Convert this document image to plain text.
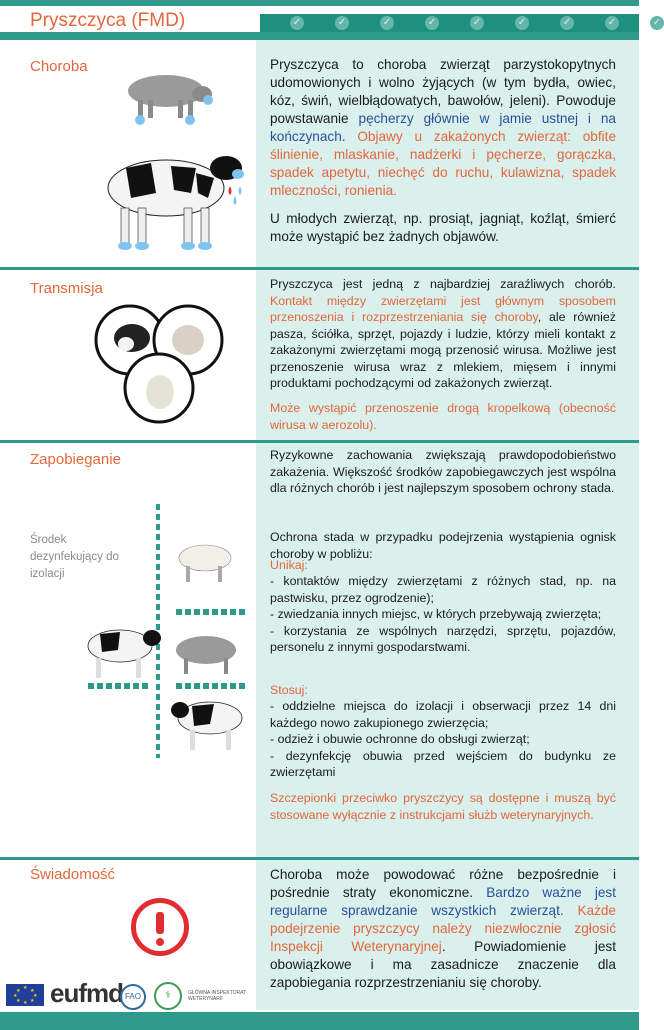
Pryszczyca (FMD)	✓	✓	✓	✓	✓	✓	✓	✓	✓
Choroba	Pryszczyca to choroba zwierząt parzystokopytnych udomowionych i wolno żyjących (w tym bydła, owiec, kóz, świń, wielbłądowatych, bawołów, jeleni). Powoduje powstawanie pęcherzy głównie w jamie ustnej i na kończynach. Objawy u zakażonych zwierząt: obfite ślinienie, mlaskanie, nadżerki i pęcherze, gorączka, spadek apetytu, niechęć do ruchu, kulawizna, spadek mleczności, ronienia.
U młodych zwierząt, np. prosiąt, jagniąt, koźląt, śmierć może wystąpić bez żadnych objawów.
Transmisja	Pryszczyca jest jedną z najbardziej zaraźliwych chorób. Kontakt między zwierzętami jest głównym sposobem przenoszenia i rozprzestrzeniania się choroby, ale również pasza, ściółka, sprzęt, pojazdy i ludzie, którzy mieli kontakt z zakażonymi zwierzętami mogą przenosić wirusa. Możliwe jest przenoszenie wirusa wraz z mlekiem, mięsem i innymi produktami pochodzącymi od zakażonych zwierząt.
Może wystąpić przenoszenie drogą kropelkową (obecność wirusa w aerozolu).
Zapobieganie
Środek dezynfekujący do izolacji
Ryzykowne zachowania zwiększają prawdopodobieństwo zakażenia. Większość środków zapobiegawczych jest wspólna dla różnych chorób i jest najlepszym sposobem ochrony stada.
Ochrona stada w przypadku podejrzenia wystąpienia ognisk choroby w pobliżu:
Unikaj:
- kontaktów między zwierzętami z różnych stad, np. na pastwisku, przez ogrodzenie);
- zwiedzania innych miejsc, w których przebywają zwierzęta;
- korzystania ze wspólnych narzędzi, sprzętu, pojazdów, personelu z innymi gospodarstwami.
Stosuj:
- oddzielne miejsca do izolacji i obserwacji przez 14 dni każdego nowo zakupionego zwierzęcia;
- odzież i obuwie ochronne do obsługi zwierząt;
- dezynfekcję obuwia przed wejściem do budynku ze zwierzętami
Szczepionki przeciwko pryszczycy są dostępne i muszą być stosowane wyłącznie z instrukcjami służb weterynaryjnych.
Świadomość	Choroba może powodować różne bezpośrednie i pośrednie straty ekonomiczne. Bardzo ważne jest regularne sprawdzanie wszystkich zwierząt. Każde podejrzenie pryszczycy należy niezwłocznie zgłosić Inspekcji Weterynaryjnej. Powiadomienie jest obowiązkowe i ma zasadnicze znaczenie dla zapobiegania rozprzestrzenianiu się choroby.
★ ★
★
★
★
★
★
★ eufmd FAO	⚕	GŁÓWNA INSPEKTORAT WETERYNARII
